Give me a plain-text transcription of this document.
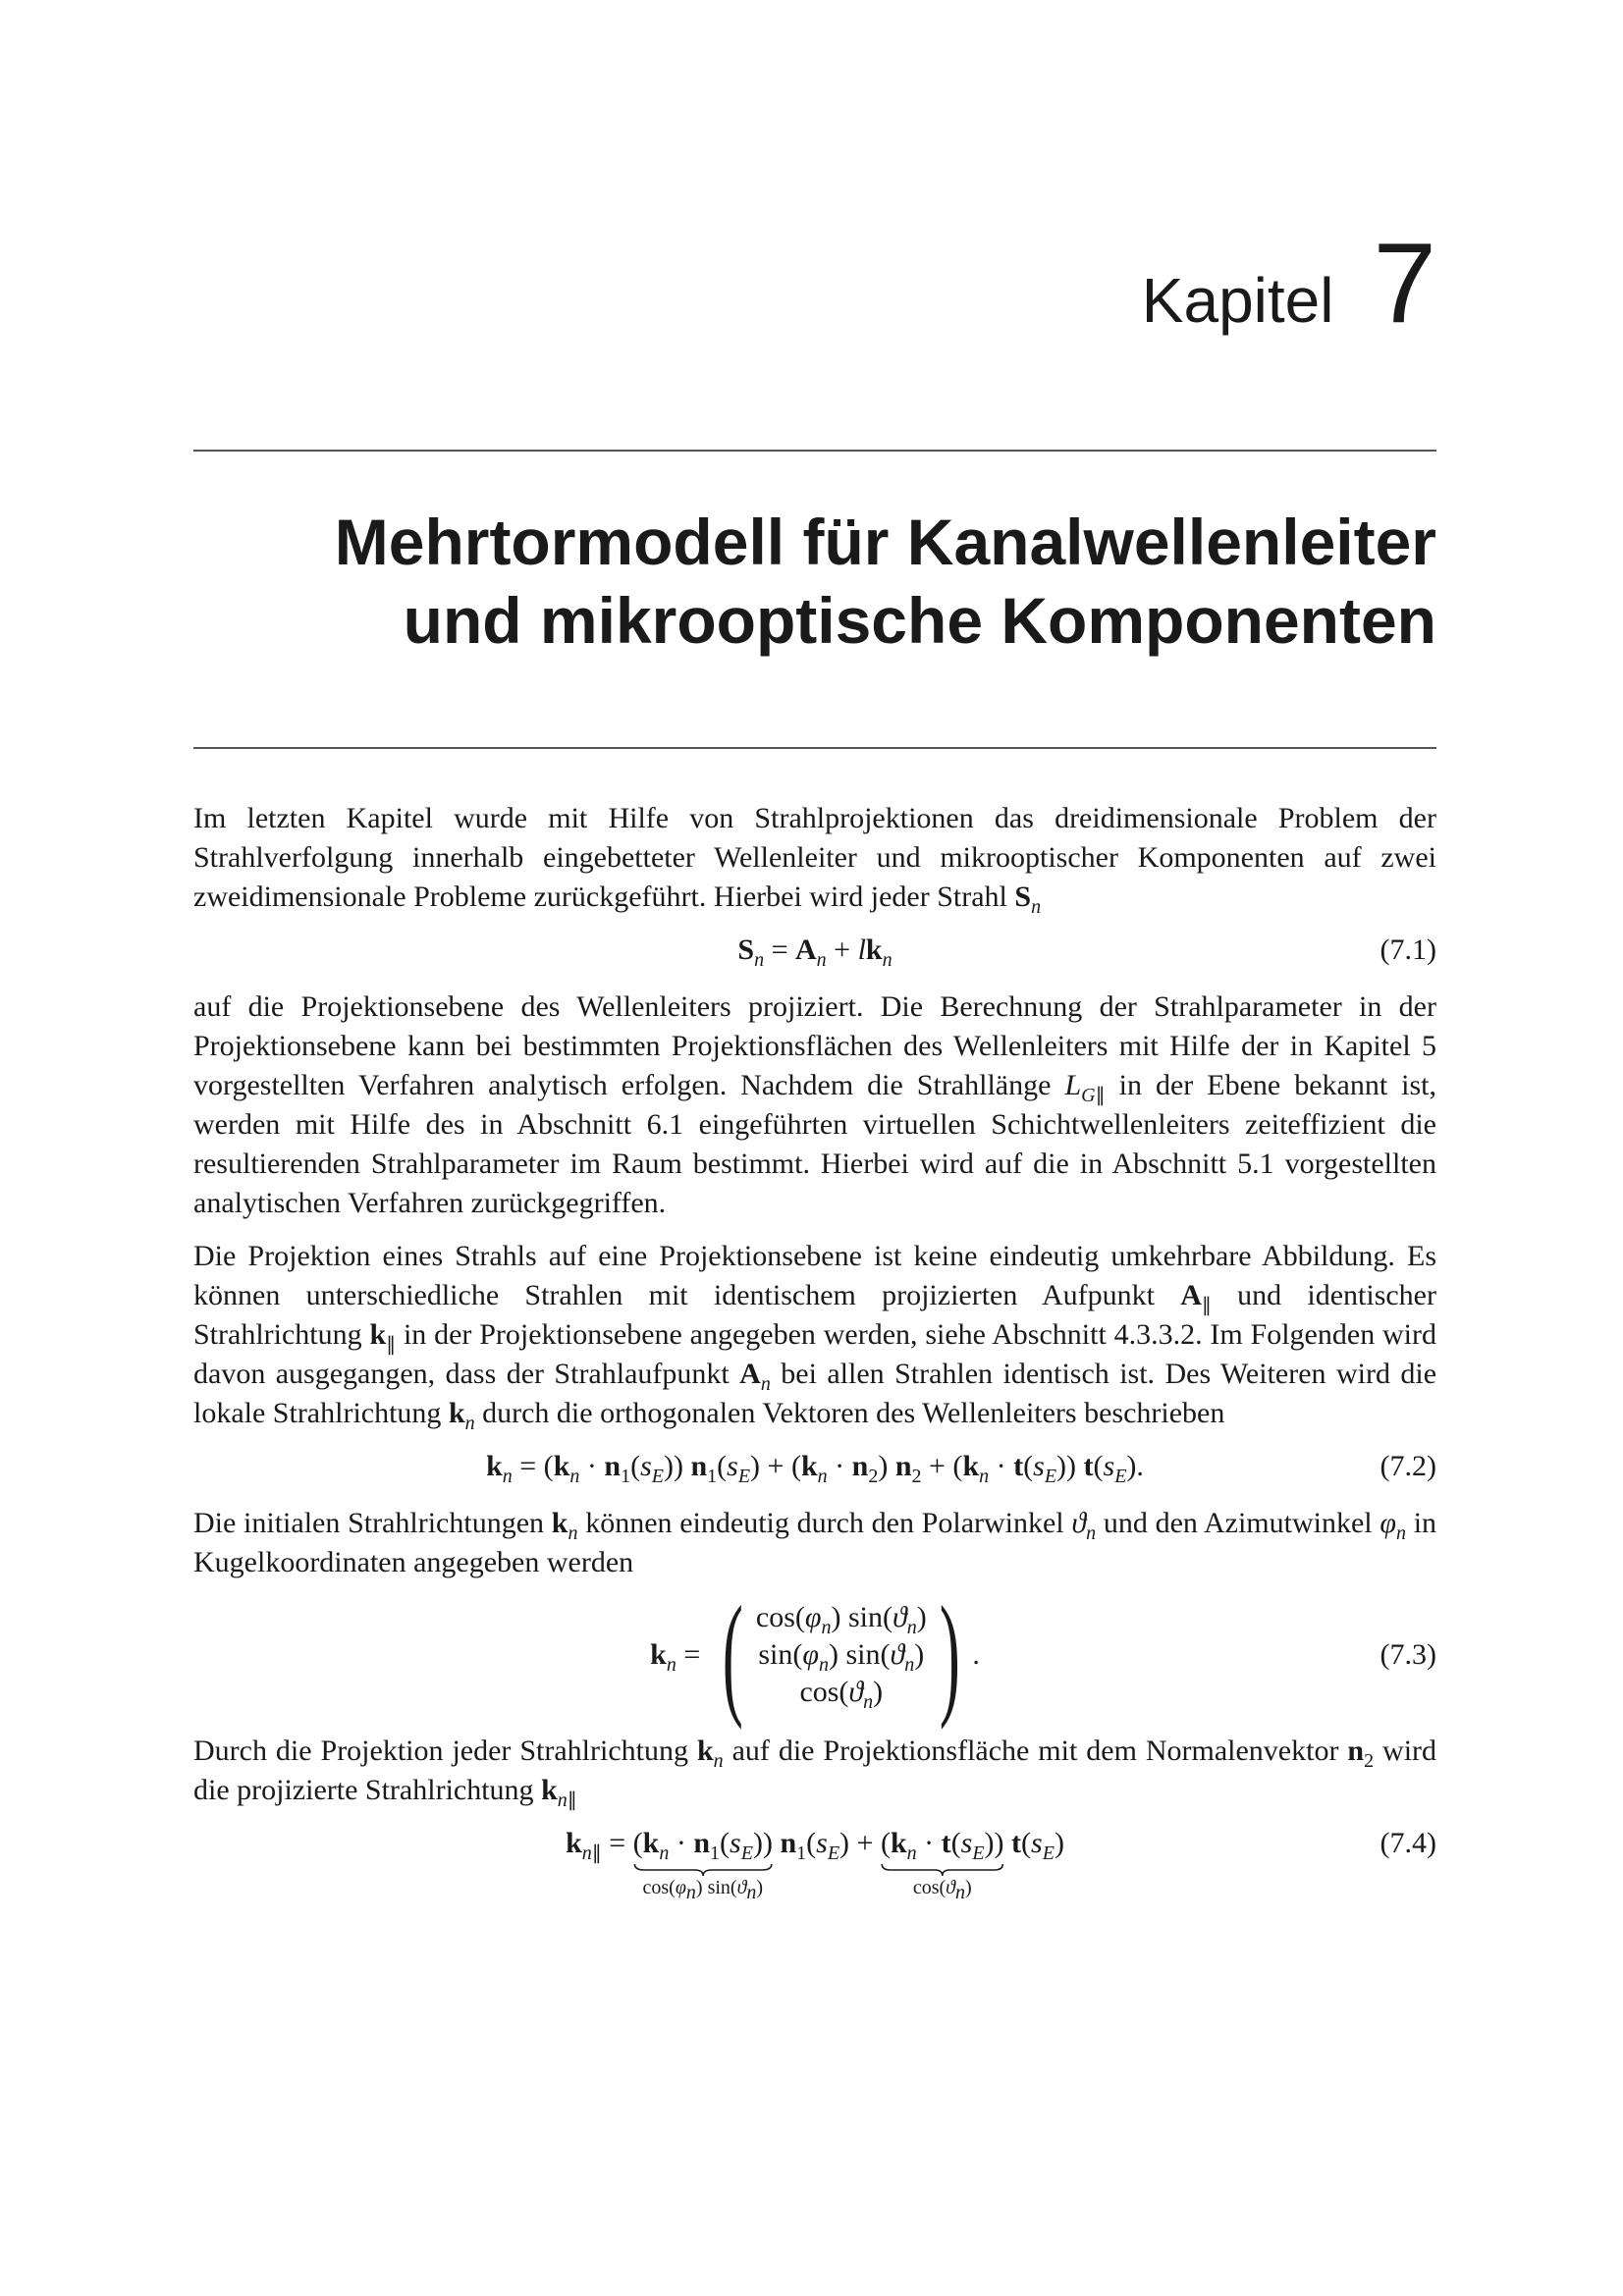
Kapitel 7
Mehrtormodell für Kanalwellenleiter
und mikrooptische Komponenten

Im letzten Kapitel wurde mit Hilfe von Strahlprojektionen das dreidimensionale Problem der Strahlverfolgung innerhalb eingebetteter Wellenleiter und mikrooptischer Komponenten auf zwei zweidimensionale Probleme zurückgeführt. Hierbei wird jeder Strahl $S_n$

$S_n = A_n + lk_n$	(7.1)

auf die Projektionsebene des Wellenleiters projiziert. Die Berechnung der Strahlparameter in der Projektionsebene kann bei bestimmten Projektionsflächen des Wellenleiters mit Hilfe der in Kapitel 5 vorgestellten Verfahren analytisch erfolgen. Nachdem die Strahllänge $L_{G\parallel}$ in der Ebene bekannt ist, werden mit Hilfe des in Abschnitt 6.1 eingeführten virtuellen Schichtwellenleiters zeiteffizient die resultierenden Strahlparameter im Raum bestimmt. Hierbei wird auf die in Abschnitt 5.1 vorgestellten analytischen Verfahren zurückgegriffen.

Die Projektion eines Strahls auf eine Projektionsebene ist keine eindeutig umkehrbare Abbildung. Es können unterschiedliche Strahlen mit identischem projizierten Aufpunkt $A_\parallel$ und identischer Strahlrichtung $k_\parallel$ in der Projektionsebene angegeben werden, siehe Abschnitt 4.3.3.2. Im Folgenden wird davon ausgegangen, dass der Strahlaufpunkt $A_n$ bei allen Strahlen identisch ist. Des Weiteren wird die lokale Strahlrichtung $k_n$ durch die orthogonalen Vektoren des Wellenleiters beschrieben

$k_n = (k_n \cdot n_1(s_E)) n_1(s_E) + (k_n \cdot n_2) n_2 + (k_n \cdot t(s_E))$ $t(s_E)$.	(7.2)

Die initialen Strahlrichtungen $k_n$ können eindeutig durch den Polarwinkel $ϑ_n$ und den Azimutwinkel $\varphi_n$ in Kugelkoordinaten angegeben werden

$k_n$ = ( $\cos(\varphi_n)$ $\sin(ϑ_n)$
$\sin(\varphi_n)$ $\sin(ϑ_n)$
$\cos(ϑ_n)$ ) .	(7.3)

Durch die Projektion jeder Strahlrichtung $k_n$ auf die Projektionsfläche mit dem Normalenvektor $n_2$ wird die projizierte Strahlrichtung $k_{n\parallel}$

$k_{n\parallel} = (k_n \cdot n_1(s_E))$
$\cos(\varphi_n)$ $\sin(ϑ_n)$
$n_1(s_E) + (k_n \cdot t(s_E))$
$\cos(ϑ_n)$
$t(s_E)$	(7.4)
